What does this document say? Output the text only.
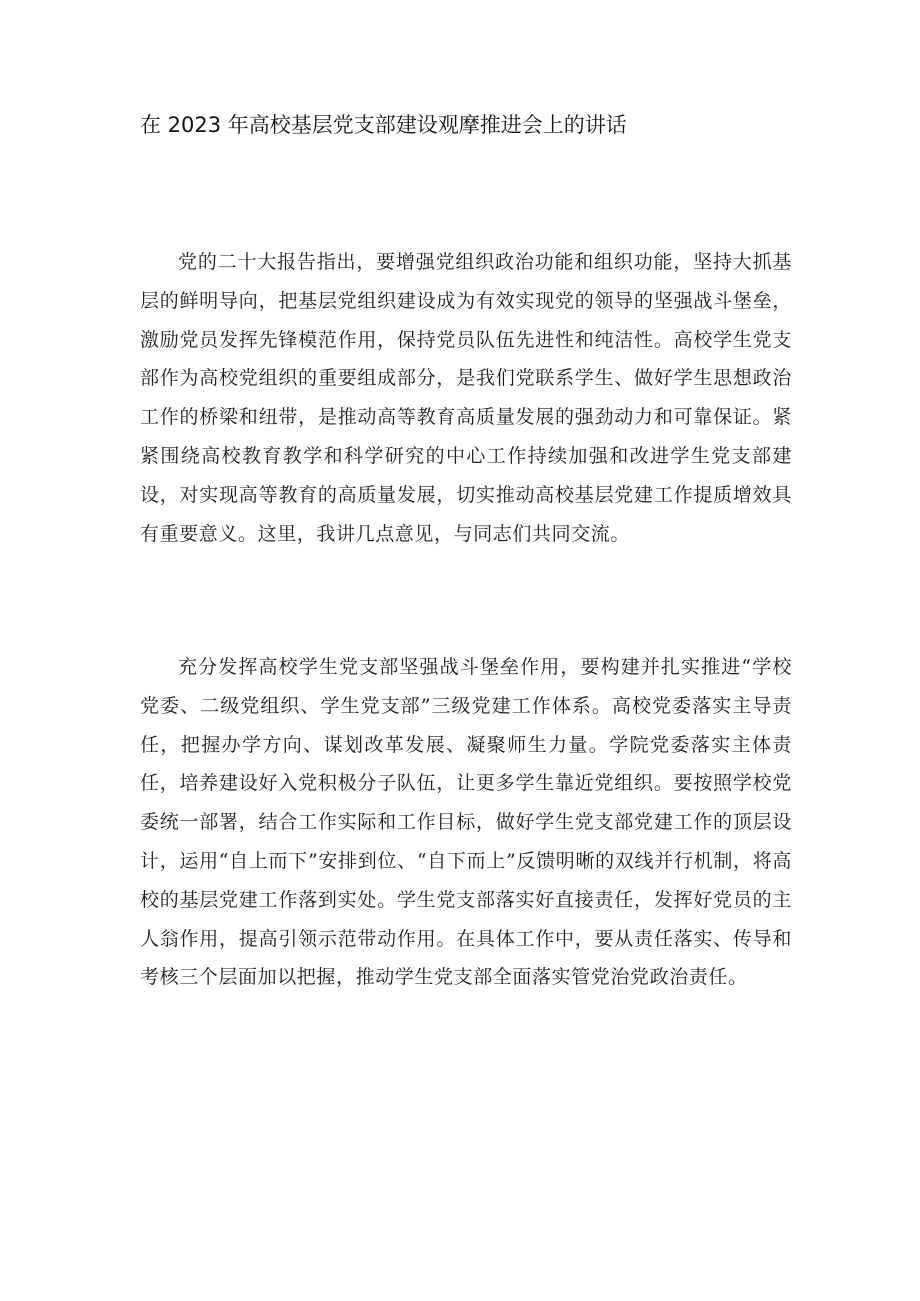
在 2023 年高校基层党支部建设观摩推进会上的讲话

党的二十大报告指出，要增强党组织政治功能和组织功能，坚持大抓基层的鲜明导向，把基层党组织建设成为有效实现党的领导的坚强战斗堡垒，激励党员发挥先锋模范作用，保持党员队伍先进性和纯洁性。高校学生党支部作为高校党组织的重要组成部分，是我们党联系学生、做好学生思想政治工作的桥梁和纽带，是推动高等教育高质量发展的强劲动力和可靠保证。紧紧围绕高校教育教学和科学研究的中心工作持续加强和改进学生党支部建设，对实现高等教育的高质量发展，切实推动高校基层党建工作提质增效具有重要意义。这里，我讲几点意见，与同志们共同交流。

充分发挥高校学生党支部坚强战斗堡垒作用，要构建并扎实推进“学校党委、二级党组织、学生党支部”三级党建工作体系。高校党委落实主导责任，把握办学方向、谋划改革发展、凝聚师生力量。学院党委落实主体责任，培养建设好入党积极分子队伍，让更多学生靠近党组织。要按照学校党委统一部署，结合工作实际和工作目标，做好学生党支部党建工作的顶层设计，运用“自上而下”安排到位、“自下而上”反馈明晰的双线并行机制，将高校的基层党建工作落到实处。学生党支部落实好直接责任，发挥好党员的主人翁作用，提高引领示范带动作用。在具体工作中，要从责任落实、传导和考核三个层面加以把握，推动学生党支部全面落实管党治党政治责任。
